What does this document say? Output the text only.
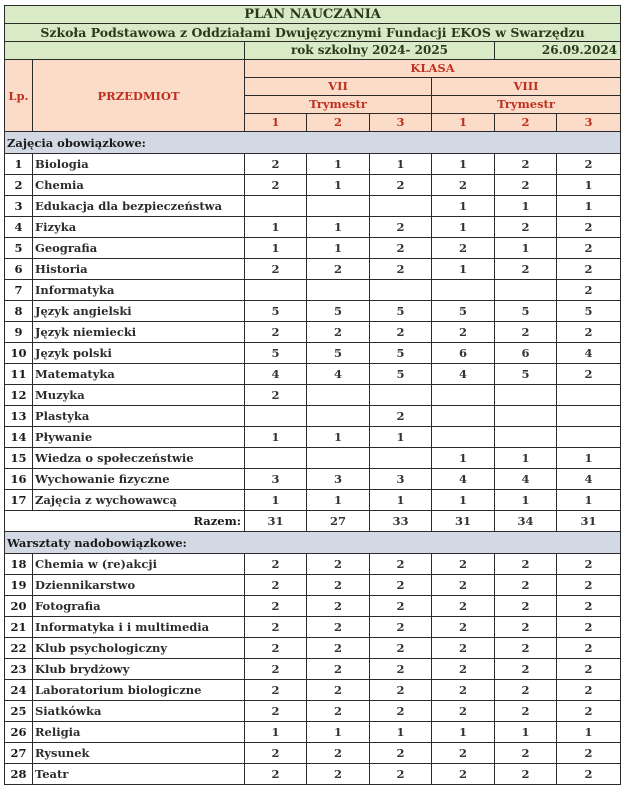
PLAN NAUCZANIA							
Szkoła Podstawowa z Oddziałami Dwujęzycznymi Fundacji EKOS w Swarzędzu							
		rok szkolny 2024- 2025				26.09.2024	
Lp.	PRZEDMIOT	KLASA					
		VII			VIII		
		Trymestr			Trymestr		
		1	2	3	1	2	3
Zajęcia obowiązkowe:							
1	Biologia	2	1	1	1	2	2
2	Chemia	2	1	2	2	2	1
3	Edukacja dla bezpieczeństwa				1	1	1
4	Fizyka	1	1	2	1	2	2
5	Geografia	1	1	2	2	1	2
6	Historia	2	2	2	1	2	2
7	Informatyka						2
8	Język angielski	5	5	5	5	5	5
9	Język niemiecki	2	2	2	2	2	2
10	Język polski	5	5	5	6	6	4
11	Matematyka	4	4	5	4	5	2
12	Muzyka	2					
13	Plastyka			2			
14	Pływanie	1	1	1			
15	Wiedza o społeczeństwie				1	1	1
16	Wychowanie fizyczne	3	3	3	4	4	4
17	Zajęcia z wychowawcą	1	1	1	1	1	1
Razem:		31	27	33	31	34	31
Warsztaty nadobowiązkowe:							
18	Chemia w (re)akcji	2	2	2	2	2	2
19	Dziennikarstwo	2	2	2	2	2	2
20	Fotografia	2	2	2	2	2	2
21	Informatyka i i multimedia	2	2	2	2	2	2
22	Klub psychologiczny	2	2	2	2	2	2
23	Klub brydżowy	2	2	2	2	2	2
24	Laboratorium biologiczne	2	2	2	2	2	2
25	Siatkówka	2	2	2	2	2	2
26	Religia	1	1	1	1	1	1
27	Rysunek	2	2	2	2	2	2
28	Teatr	2	2	2	2	2	2
